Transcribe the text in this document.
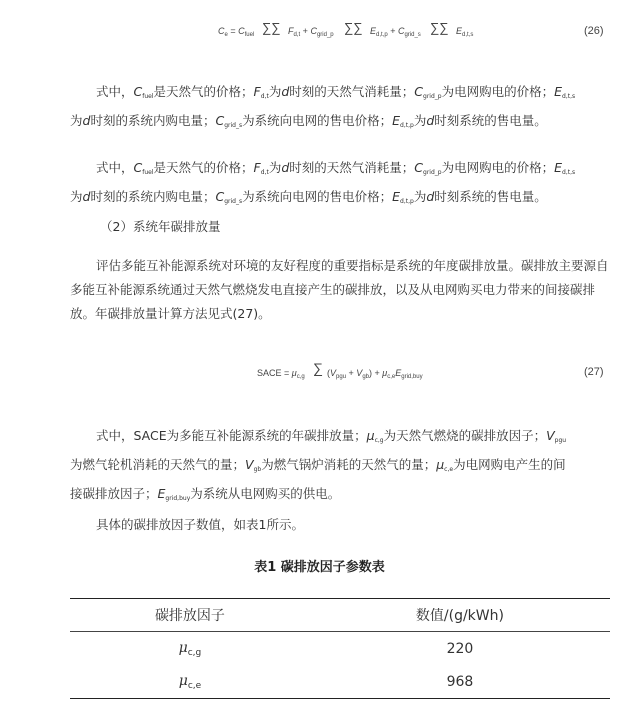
$C_e = C_{fuel}$ ∑∑ $F_{d,t} + C_{grid\_p}$ ∑∑ $E_{d,t,p} + C_{grid\_s}$ ∑∑ $E_{d,t,s}$	(26)

式中，$C_{fuel}$是天然气的价格；$F_{d,t}$为d时刻的天然气消耗量；$C_{grid\_p}$为电网购电的价格；$E_{d,t,s}$

为d时刻的系统内购电量；$C_{grid\_s}$为系统向电网的售电价格；$E_{d,t,p}$为d时刻系统的售电量。

式中，$C_{fuel}$是天然气的价格；$F_{d,t}$为d时刻的天然气消耗量；$C_{grid\_p}$为电网购电的价格；$E_{d,t,s}$

为d时刻的系统内购电量；$C_{grid\_s}$为系统向电网的售电价格；$E_{d,t,p}$为d时刻系统的售电量。

（2）系统年碳排放量

评估多能互补能源系统对环境的友好程度的重要指标是系统的年度碳排放量。碳排放主要源自多能互补能源系统通过天然气燃烧发电直接产生的碳排放，以及从电网购买电力带来的间接碳排放。年碳排放量计算方法见式(27)。

SACE = $\mu_{c,g}$
∑ $(V_{pgu} + V_{gb}) + \mu_{c,e}E_{grid,buy}$	(27)

式中，SACE为多能互补能源系统的年碳排放量；$\mu_{c,g}$为天然气燃烧的碳排放因子；$V_{pgu}$

为燃气轮机消耗的天然气的量；$V_{gb}$为燃气锅炉消耗的天然气的量；$\mu_{c,e}$为电网购电产生的间

接碳排放因子；$E_{grid,buy}$为系统从电网购买的供电。

具体的碳排放因子数值，如表1所示。

表1 碳排放因子参数表
碳排放因子	数值/(g/kWh)
$\mu_{c,g}$	220
$\mu_{c,e}$	968
